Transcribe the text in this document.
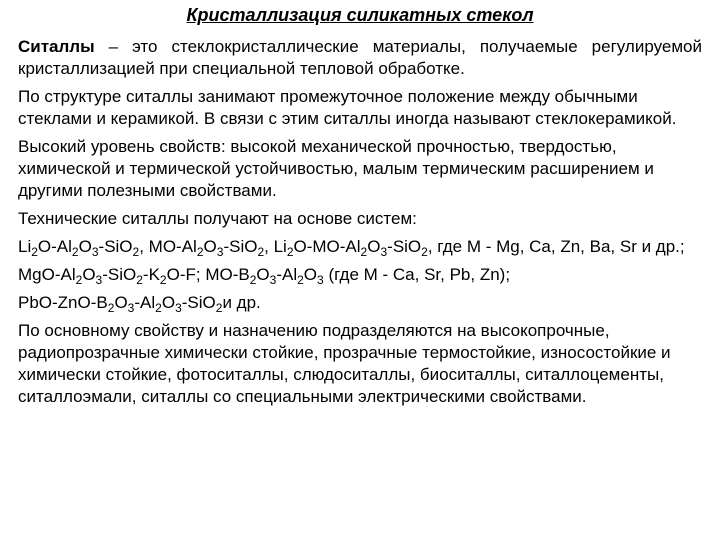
Кристаллизация силикатных стекол

Ситаллы – это стеклокристаллические материалы, получаемые регулируемой кристаллизацией при специальной тепловой обработке.

По структуре ситаллы занимают промежуточное положение между обычными стеклами и керамикой. В связи с этим ситаллы иногда называют стеклокерамикой.

Высокий уровень свойств: высокой механической прочностью, твердостью, химической и термической устойчивостью, малым термическим расширением и другими полезными свойствами.

Технические ситаллы получают на основе систем:

$Li_2O-Al_2O_3-SiO_2$, $MO-Al_2O_3-SiO_2$, $Li_2O-MO-Al_2O_3-SiO_2$, где M - Mg, Ca, Zn, Ba, Sr и др.;

MgO-$Al_2O_3-SiO_2-K_2O-F$; $MO-B_2O_3-Al_2O_3$ (где M - Ca, Sr, Pb, Zn);

PbO-$ZnO-B_2O_3-Al_2O_3-SiO_2и$ др.

По основному свойству и назначению подразделяются на высокопрочные, радиопрозрачные химически стойкие, прозрачные термостойкие, износостойкие и химически стойкие, фотоситаллы, слюдоситаллы, биоситаллы, ситаллоцементы, ситаллоэмали, ситаллы со специальными электрическими свойствами.
